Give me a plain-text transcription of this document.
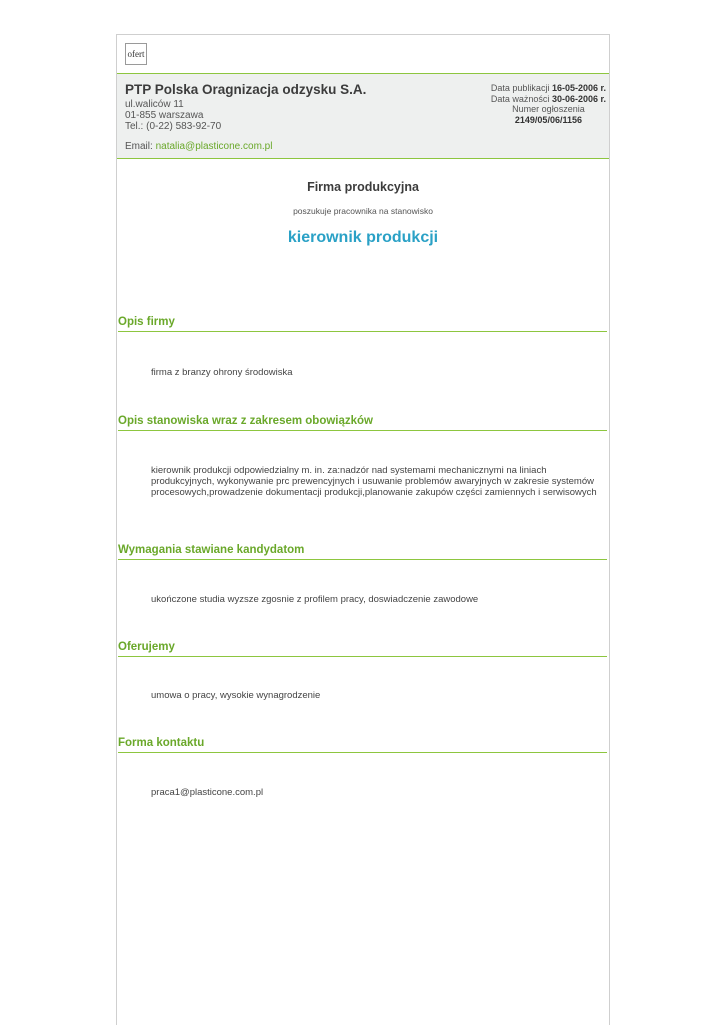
ofert
PTP Polska Oragnizacja odzysku S.A.
ul.waliców 11
01-855 warszawa
Tel.: (0-22) 583-92-70
Email: natalia@plasticone.com.pl
Data publikacji 16-05-2006 r.
Data ważności 30-06-2006 r.
Numer ogłoszenia
2149/05/06/1156
Firma produkcyjna
poszukuje pracownika na stanowisko
kierownik produkcji
Opis firmy
firma z branzy ohrony środowiska
Opis stanowiska wraz z zakresem obowiązków
kierownik produkcji odpowiedzialny m. in. za:nadzór nad systemami mechanicznymi na liniach produkcyjnych, wykonywanie prc prewencyjnych i usuwanie problemów awaryjnych w zakresie systemów procesowych,prowadzenie dokumentacji produkcji,planowanie zakupów części zamiennych i serwisowych
Wymagania stawiane kandydatom
ukończone studia wyzsze zgosnie z profilem pracy, doswiadczenie zawodowe
Oferujemy
umowa o pracy, wysokie wynagrodzenie
Forma kontaktu
praca1@plasticone.com.pl
